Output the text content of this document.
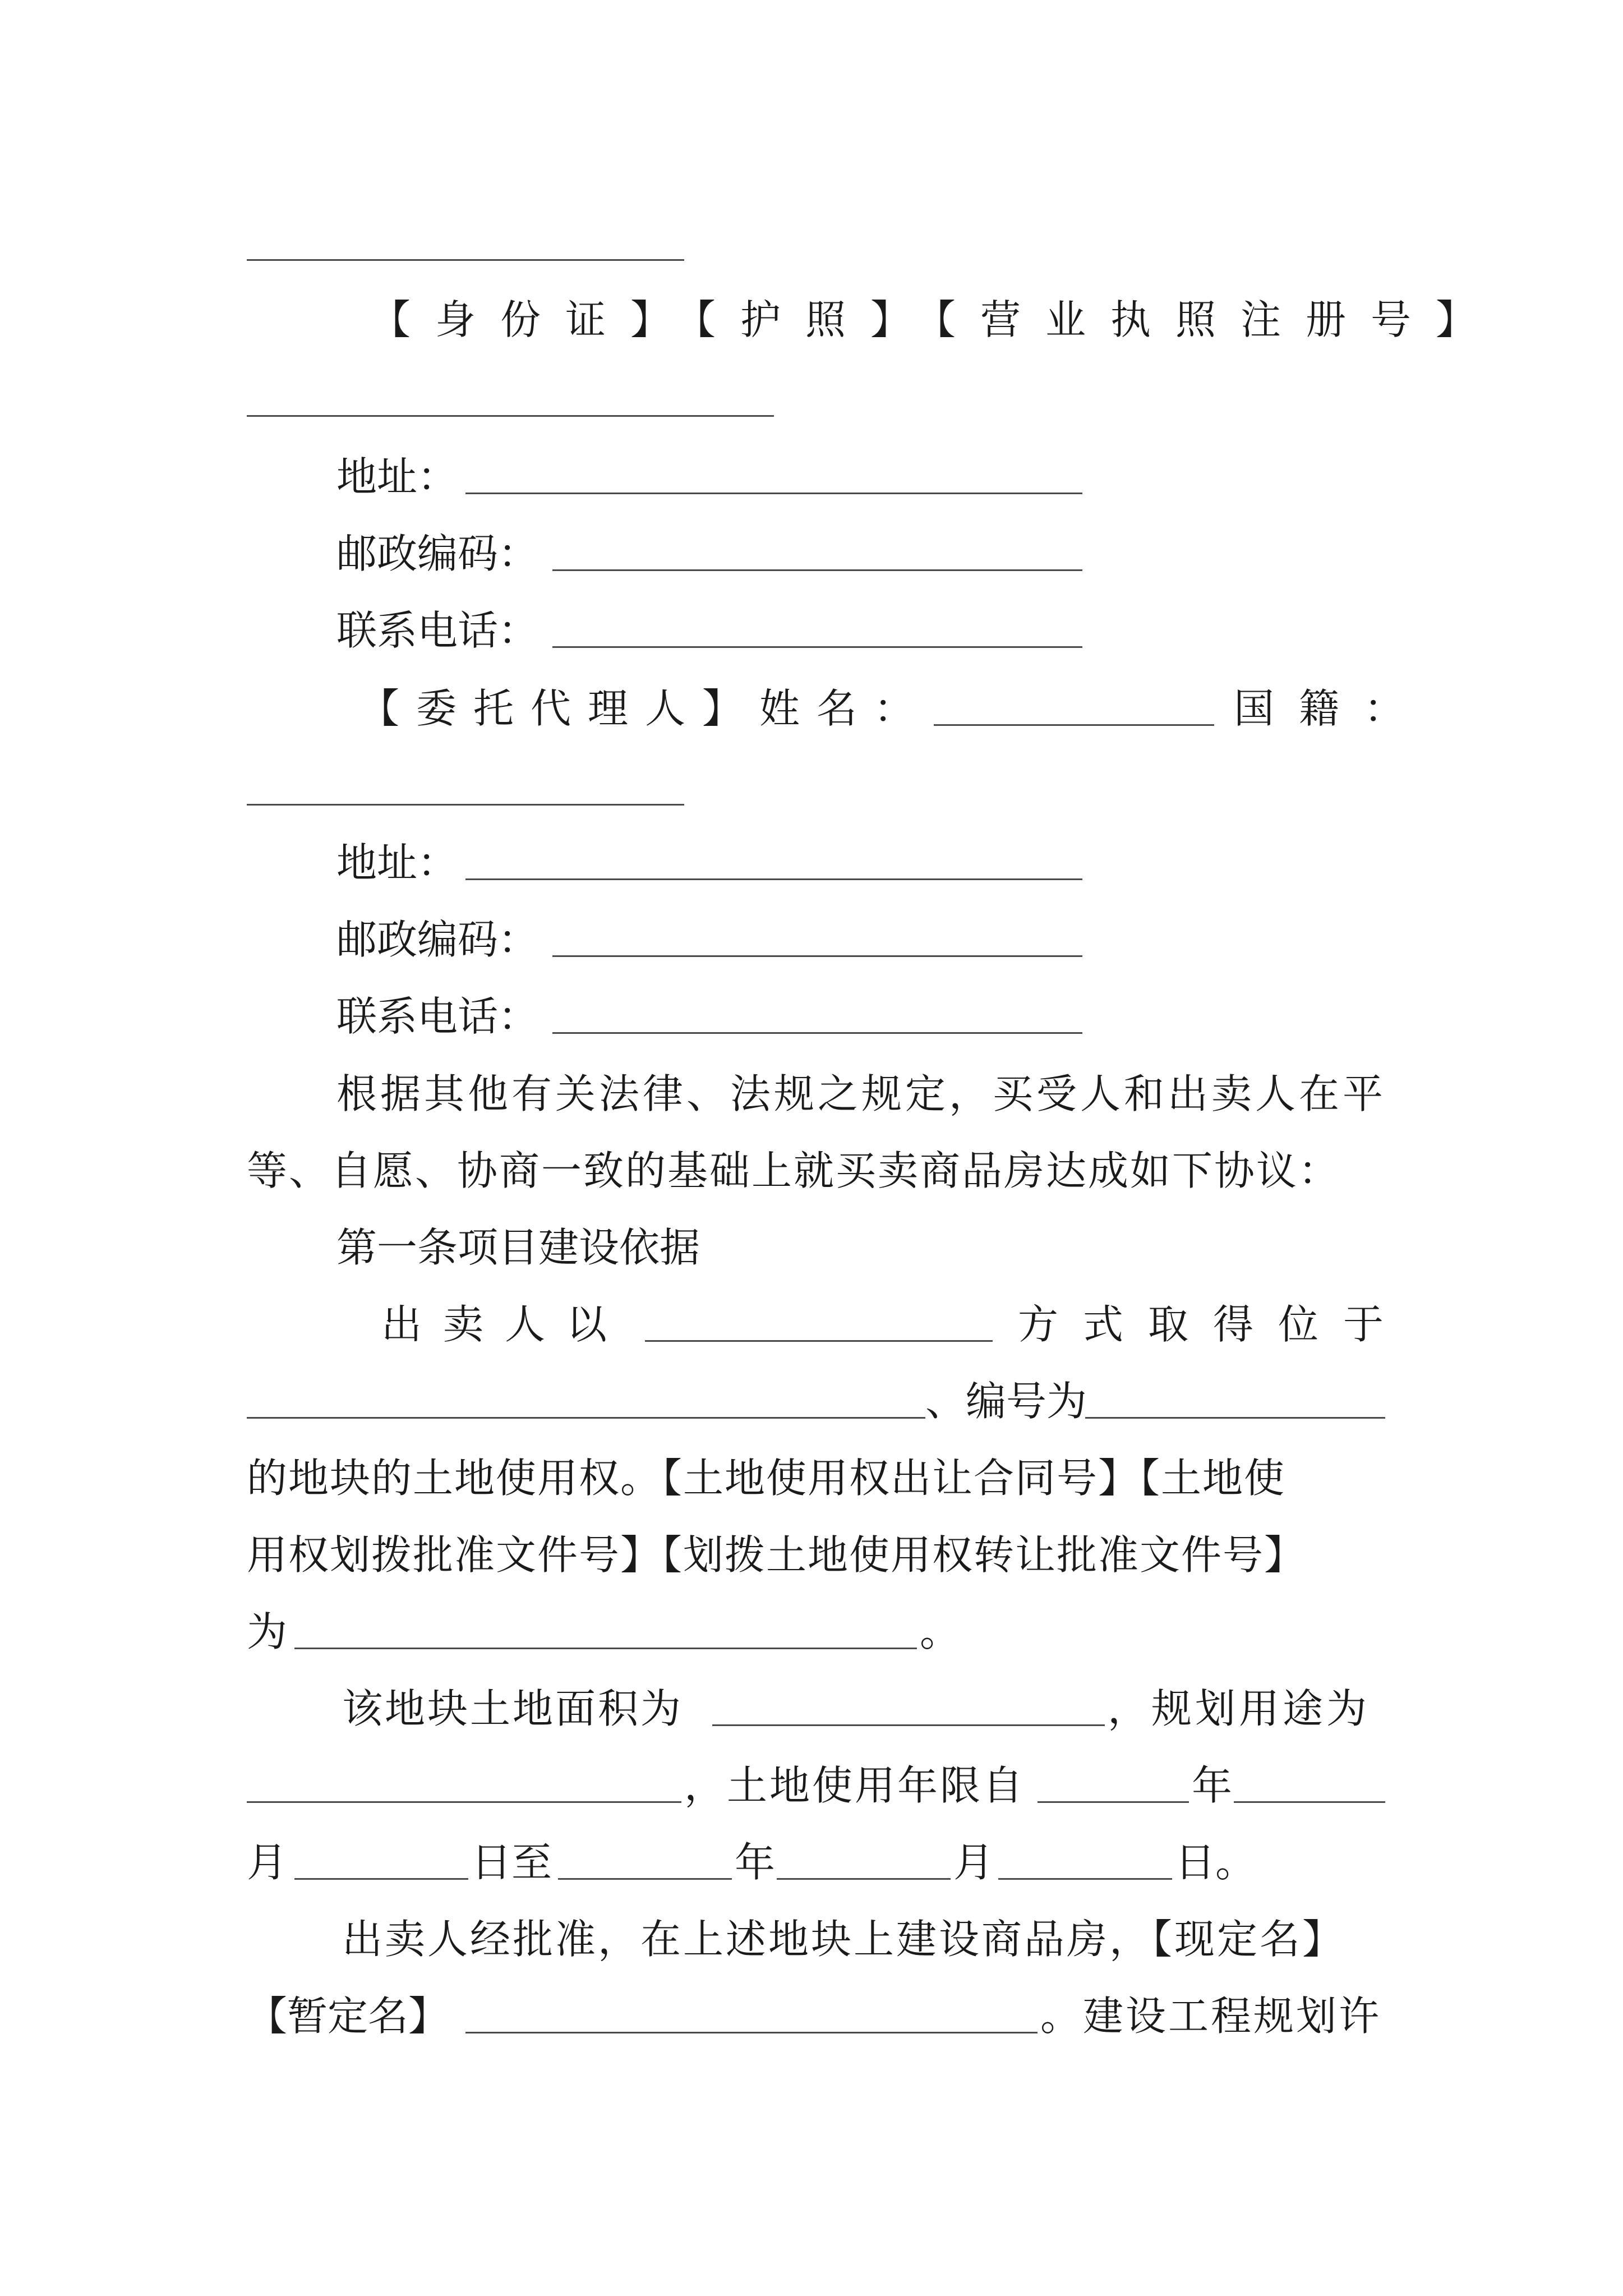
【身份证】【护照】【营业执照注册号】
地址：
邮政编码：
联系电话：
【委托代理人】姓名：	国籍：
地址：
邮政编码：
联系电话：
根据其他有关法律、法规之规定，买受人和出卖人在平
等、自愿、协商一致的基础上就买卖商品房达成如下协议：
第一条项目建设依据
出卖人以	方式取得位于
、编号为
的地块的土地使用权。【土地使用权出让合同号】【土地使
用权划拨批准文件号】【划拨土地使用权转让批准文件号】
为	。
该地块土地面积为	，规划用途为
，土地使用年限自	年
月	日至	年	月	日。
出卖人经批准，在上述地块上建设商品房，【现定名】
【暂定名】	。建设工程规划许
